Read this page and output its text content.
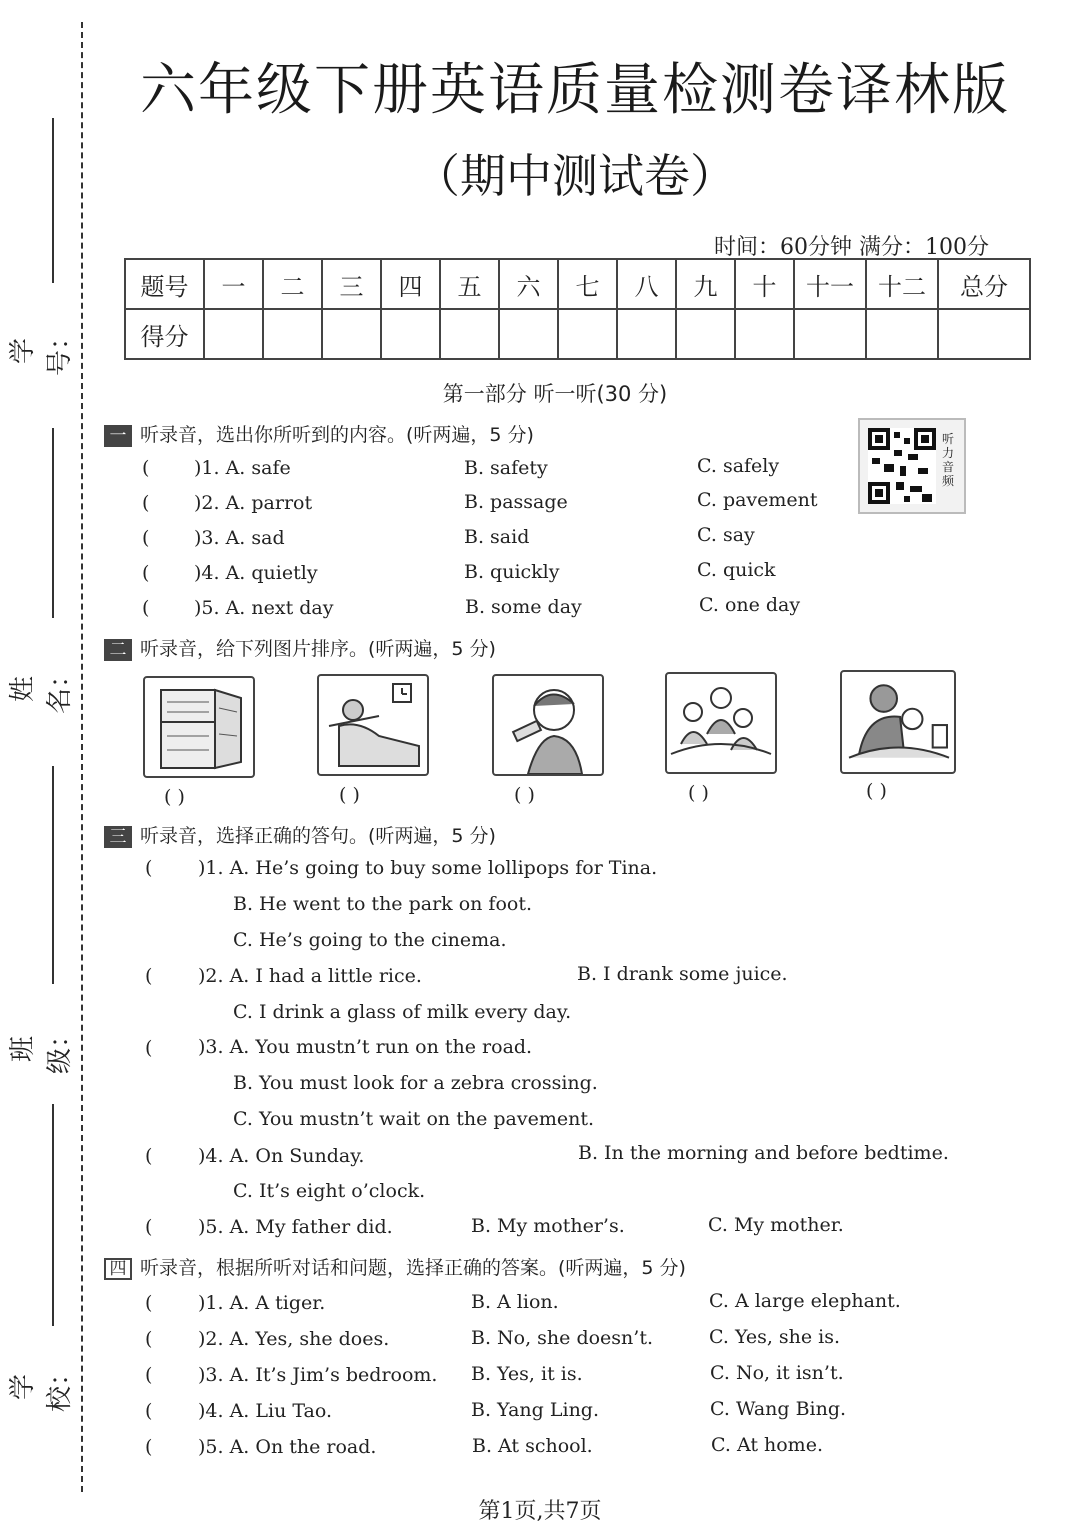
学号：
姓名：
班级：
学校：
六年级下册英语质量检测卷译林版
（期中测试卷）
时间：60分钟 满分：100分
题号	一	二	三	四	五	六	七	八	九	十	十一	十二	总分
得分													
第一部分 听一听(30 分)
一 听录音，选出你所听到的内容。(听两遍，5 分)	听力音频
( )1. A. safe	B. safety	C. safely
( )2. A. parrot	B. passage	C. pavement
( )3. A. sad	B. said	C. say
( )4. A. quietly	B. quickly	C. quick
( )5. A. next day	B. some day	C. one day
二 听录音，给下列图片排序。(听两遍，5 分)
( )	( )	( )	( )	( )
三 听录音，选择正确的答句。(听两遍，5 分)
( )1. A. He’s going to buy some lollipops for Tina.
B. He went to the park on foot.
C. He’s going to the cinema.
( )2. A. I had a little rice.	B. I drank some juice.
C. I drink a glass of milk every day.
( )3. A. You mustn’t run on the road.
B. You must look for a zebra crossing.
C. You mustn’t wait on the pavement.
( )4. A. On Sunday.	B. In the morning and before bedtime.
C. It’s eight o’clock.
( )5. A. My father did.	B. My mother’s.	C. My mother.
四 听录音，根据所听对话和问题，选择正确的答案。(听两遍，5 分)
( )1. A. A tiger.	B. A lion.	C. A large elephant.
( )2. A. Yes, she does.	B. No, she doesn’t.	C. Yes, she is.
( )3. A. It’s Jim’s bedroom. B. Yes, it is.	C. No, it isn’t.
( )4. A. Liu Tao.	B. Yang Ling.	C. Wang Bing.
( )5. A. On the road.	B. At school.	C. At home.
第1页,共7页
